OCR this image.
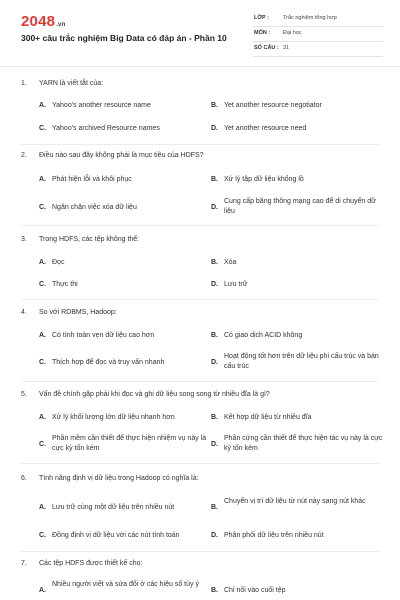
2048.vn
300+ câu trắc nghiệm Big Data có đáp án - Phần 10
LỚP :	Trắc nghiệm tổng hợp
MÔN : Đại học
SỐ CÂU : 31
1. YARN là viết tắt của:
A. Yahoo's another resource name	B. Yet another resource negotiator
C. Yahoo's archived Resource names	D. Yet another resource need
2. Điều nào sau đây không phải là mục tiêu của HDFS?
A. Phát hiện lỗi và khôi phục	B. Xử lý tập dữ liệu khổng lồ
C. Ngăn chặn việc xóa dữ liệu	D.
Cung cấp băng thông mạng cao để di chuyển dữ liệu
3. Trong HDFS, các tệp không thể:
A. Đọc	B. Xóa
C. Thực thi	D. Lưu trữ
4. So với RDBMS, Hadoop:
A. Có tính toàn vẹn dữ liệu cao hơn	B. Có giao dịch ACID không
C. Thích hợp để đọc và truy vấn nhanh	D.
Hoạt động tốt hơn trên dữ liệu phi cấu trúc và bán cấu trúc
5. Vấn đề chính gặp phải khi đọc và ghi dữ liệu song song từ nhiều đĩa là gì?
A. Xử lý khối lượng lớn dữ liệu nhanh hơn	B. Kết hợp dữ liệu từ nhiều đĩa
C.
Phần mềm cần thiết để thực hiện nhiệm vụ này là cực kỳ tốn kém
D.
Phần cứng cần thiết để thực hiện tác vụ này là cực kỳ tốn kém
6. Tính năng định vị dữ liệu trong Hadoop có nghĩa là:
A. Lưu trữ cùng một dữ liệu trên nhiều nút	B.
Chuyển vị trí dữ liệu từ nút này sang nút khác
C. Đồng định vị dữ liệu với các nút tính toán	D. Phân phối dữ liệu trên nhiều nút
7. Các tệp HDFS được thiết kế cho:
A.
Nhiều người viết và sửa đổi ở các hiệu số tùy ý
B. Chỉ nối vào cuối tệp
